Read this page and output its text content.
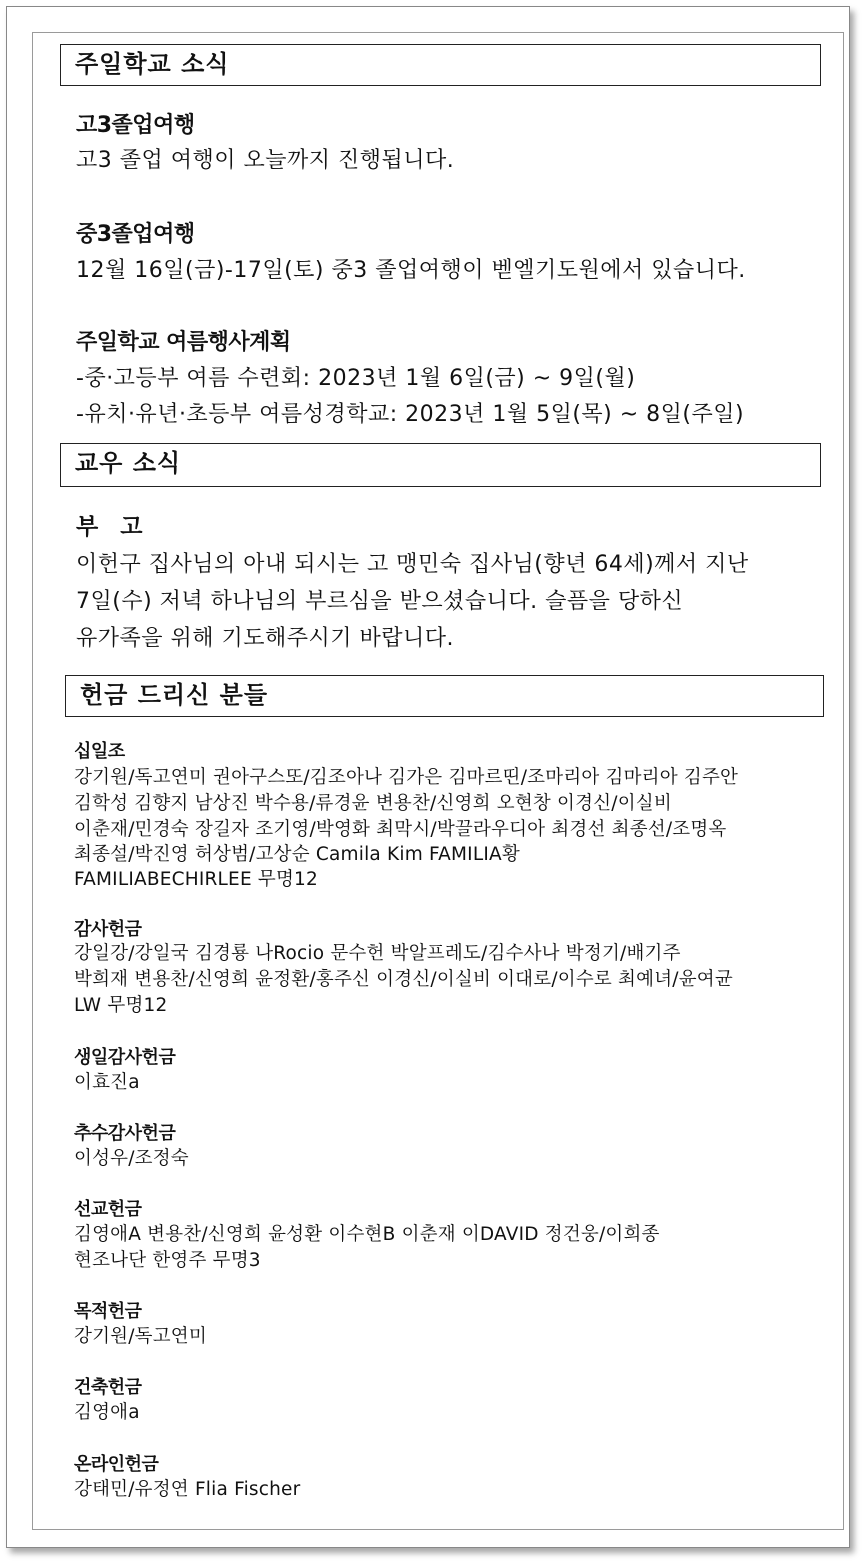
주일학교 소식
고3졸업여행
고3 졸업 여행이 오늘까지 진행됩니다.
중3졸업여행
12월 16일(금)-17일(토) 중3 졸업여행이 벧엘기도원에서 있습니다.
주일학교 여름행사계획
-중·고등부 여름 수련회: 2023년 1월 6일(금) ~ 9일(월)
-유치·유년·초등부 여름성경학교: 2023년 1월 5일(목) ~ 8일(주일)
교우 소식
부   고
이헌구 집사님의 아내 되시는 고 맹민숙 집사님(향년 64세)께서 지난
7일(수) 저녁 하나님의 부르심을 받으셨습니다. 슬픔을 당하신
유가족을 위해 기도해주시기 바랍니다.
헌금 드리신 분들
십일조
강기원/독고연미 권아구스또/김조아나 김가은 김마르띤/조마리아 김마리아 김주안
김학성 김향지 남상진 박수용/류경윤 변용찬/신영희 오현창 이경신/이실비
이춘재/민경숙 장길자 조기영/박영화 최막시/박끌라우디아 최경선 최종선/조명옥
최종설/박진영 허상범/고상순 Camila Kim FAMILIA황
FAMILIABECHIRLEE 무명12
감사헌금
강일강/강일국 김경룡 나Rocio 문수헌 박알프레도/김수사나 박정기/배기주
박희재 변용찬/신영희 윤정환/홍주신 이경신/이실비 이대로/이수로 최예녀/윤여균
LW 무명12
생일감사헌금
이효진a
추수감사헌금
이성우/조정숙
선교헌금
김영애A 변용찬/신영희 윤성환 이수현B 이춘재 이DAVID 정건웅/이희종
현조나단 한영주 무명3
목적헌금
강기원/독고연미
건축헌금
김영애a
온라인헌금
강태민/유정연 Flia Fischer
